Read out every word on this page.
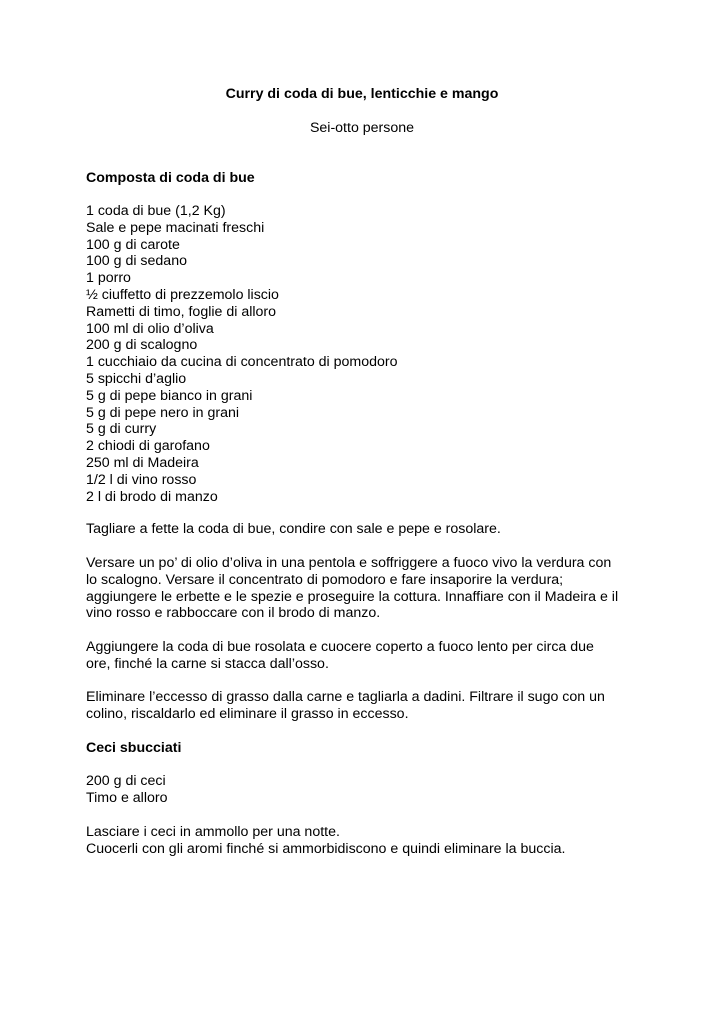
Curry di coda di bue, lenticchie e mango
Sei-otto persone
Composta di coda di bue
1 coda di bue (1,2 Kg)
Sale e pepe macinati freschi
100 g di carote
100 g di sedano
1 porro
½ ciuffetto di prezzemolo liscio
Rametti di timo, foglie di alloro
100 ml di olio d’oliva
200 g di scalogno
1 cucchiaio da cucina di concentrato di pomodoro
5 spicchi d’aglio
5 g di pepe bianco in grani
5 g di pepe nero in grani
5 g di curry
2 chiodi di garofano
250 ml di Madeira
1/2 l di vino rosso
2 l di brodo di manzo
Tagliare a fette la coda di bue, condire con sale e pepe e rosolare.
Versare un po’ di olio d’oliva in una pentola e soffriggere a fuoco vivo la verdura con
lo scalogno. Versare il concentrato di pomodoro e fare insaporire la verdura;
aggiungere le erbette e le spezie e proseguire la cottura. Innaffiare con il Madeira e il
vino rosso e rabboccare con il brodo di manzo.
Aggiungere la coda di bue rosolata e cuocere coperto a fuoco lento per circa due
ore, finché la carne si stacca dall’osso.
Eliminare l’eccesso di grasso dalla carne e tagliarla a dadini. Filtrare il sugo con un
colino, riscaldarlo ed eliminare il grasso in eccesso.
Ceci sbucciati
200 g di ceci
Timo e alloro
Lasciare i ceci in ammollo per una notte.
Cuocerli con gli aromi finché si ammorbidiscono e quindi eliminare la buccia.
